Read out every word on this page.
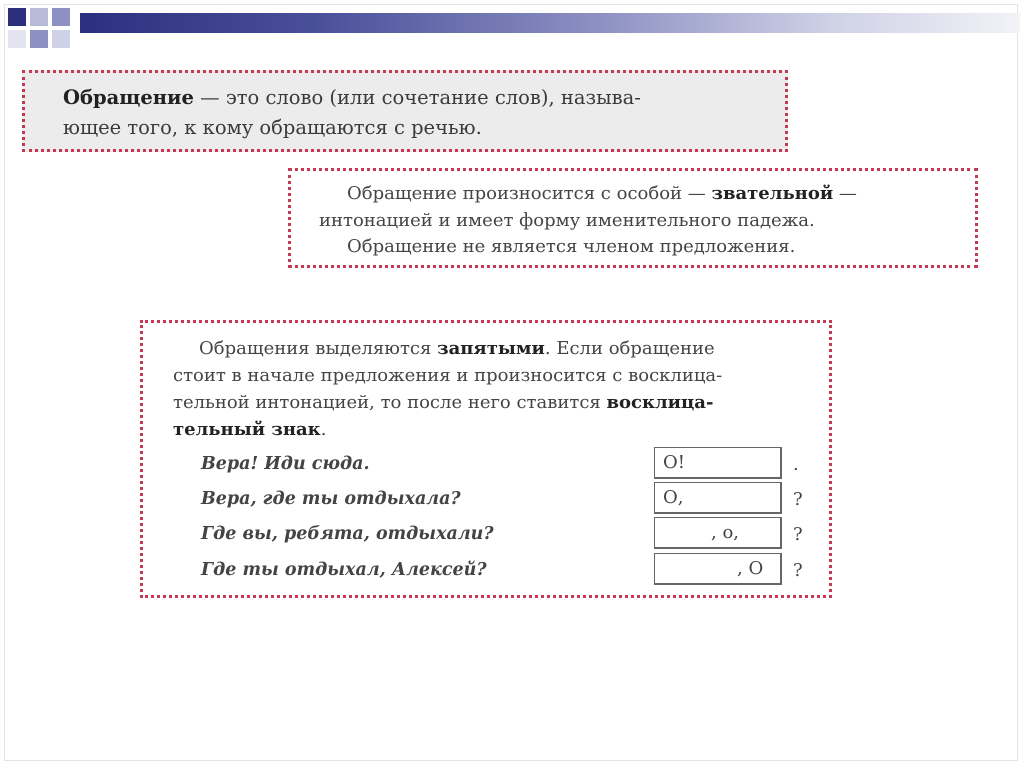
Обращение — это слово (или сочетание слов), называ-

ющее того, к кому обращаются с речью.

Обращение произносится с особой — звательной —

интонацией и имеет форму именительного падежа.

Обращение не является членом предложения.

Обращения выделяются запятыми. Если обращение

стоит в начале предложения и произносится с восклица-

тельной интонацией, то после него ставится восклица-

тельный знак.

Вера! Иди сюда.	О!	.
Вера, где ты отдыхала?	О,	?
Где вы, ребята, отдыхали?	, о,	?
Где ты отдыхал, Алексей?	, О ?
